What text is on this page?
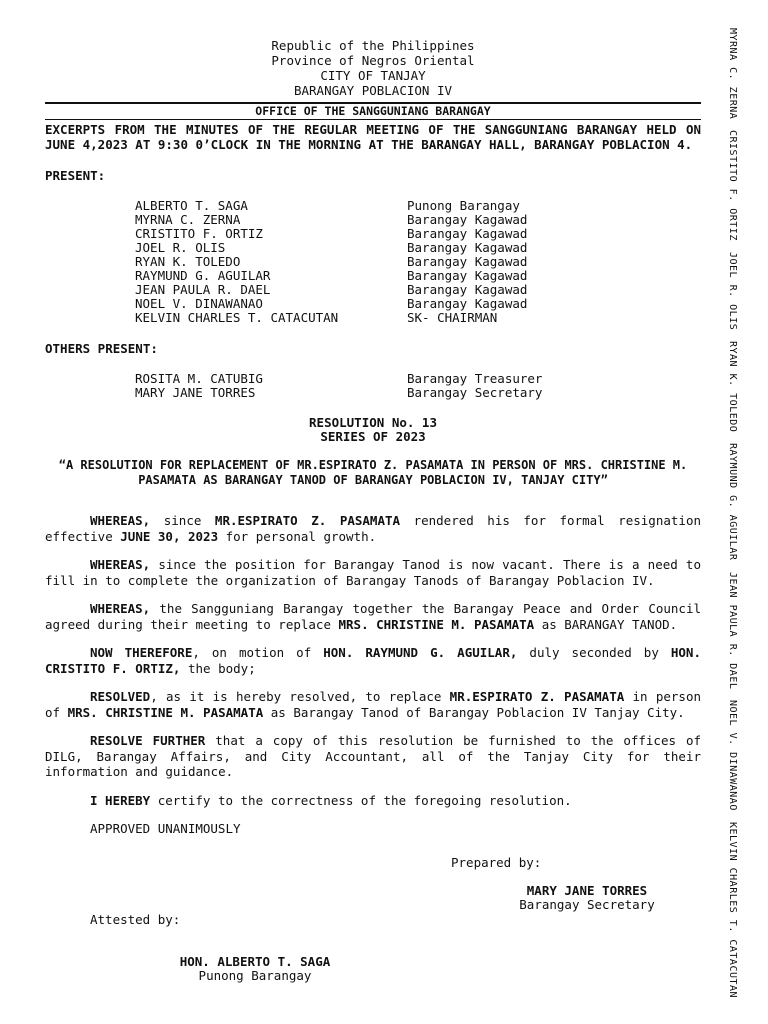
Republic of the Philippines
Province of Negros Oriental
CITY OF TANJAY
BARANGAY POBLACION IV
OFFICE OF THE SANGGUNIANG BARANGAY
EXCERPTS FROM THE MINUTES OF THE REGULAR MEETING OF THE SANGGUNIANG BARANGAY HELD ON JUNE 4,2023 AT 9:30 0’CLOCK IN THE MORNING AT THE BARANGAY HALL, BARANGAY POBLACION 4.
PRESENT:
ALBERTO T. SAGA	Punong Barangay
MYRNA C. ZERNA	Barangay Kagawad
CRISTITO F. ORTIZ	Barangay Kagawad
JOEL R. OLIS	Barangay Kagawad
RYAN K. TOLEDO	Barangay Kagawad
RAYMUND G. AGUILAR	Barangay Kagawad
JEAN PAULA R. DAEL	Barangay Kagawad
NOEL V. DINAWANAO	Barangay Kagawad
KELVIN CHARLES T. CATACUTAN	SK- CHAIRMAN
OTHERS PRESENT:
ROSITA M. CATUBIG	Barangay Treasurer
MARY JANE TORRES	Barangay Secretary
RESOLUTION No. 13
SERIES OF 2023
“A RESOLUTION FOR REPLACEMENT OF MR.ESPIRATO Z. PASAMATA IN PERSON OF MRS. CHRISTINE M. PASAMATA AS BARANGAY TANOD OF BARANGAY POBLACION IV, TANJAY CITY”

WHEREAS, since MR.ESPIRATO Z. PASAMATA rendered his for formal resignation effective JUNE 30, 2023 for personal growth.

WHEREAS, since the position for Barangay Tanod is now vacant. There is a need to fill in to complete the organization of Barangay Tanods of Barangay Poblacion IV.

WHEREAS, the Sangguniang Barangay together the Barangay Peace and Order Council agreed during their meeting to replace MRS. CHRISTINE M. PASAMATA as BARANGAY TANOD.

NOW THEREFORE, on motion of HON. RAYMUND G. AGUILAR, duly seconded by HON. CRISTITO F. ORTIZ, the body;

RESOLVED, as it is hereby resolved, to replace MR.ESPIRATO Z. PASAMATA in person of MRS. CHRISTINE M. PASAMATA as Barangay Tanod of Barangay Poblacion IV Tanjay City.

RESOLVE FURTHER that a copy of this resolution be furnished to the offices of DILG, Barangay Affairs, and City Accountant, all of the Tanjay City for their information and guidance.

I HEREBY certify to the correctness of the foregoing resolution.

APPROVED UNANIMOUSLY

Prepared by:
MARY JANE TORRES
Barangay Secretary
Attested by:
HON. ALBERTO T. SAGA
Punong Barangay
MYRNA C. ZERNA
CRISTITO F. ORTIZ
JOEL R. OLIS
RYAN K. TOLEDO
RAYMUND G. AGUILAR
JEAN PAULA R. DAEL
NOEL V. DINAWANAO
KELVIN CHARLES T. CATACUTAN
